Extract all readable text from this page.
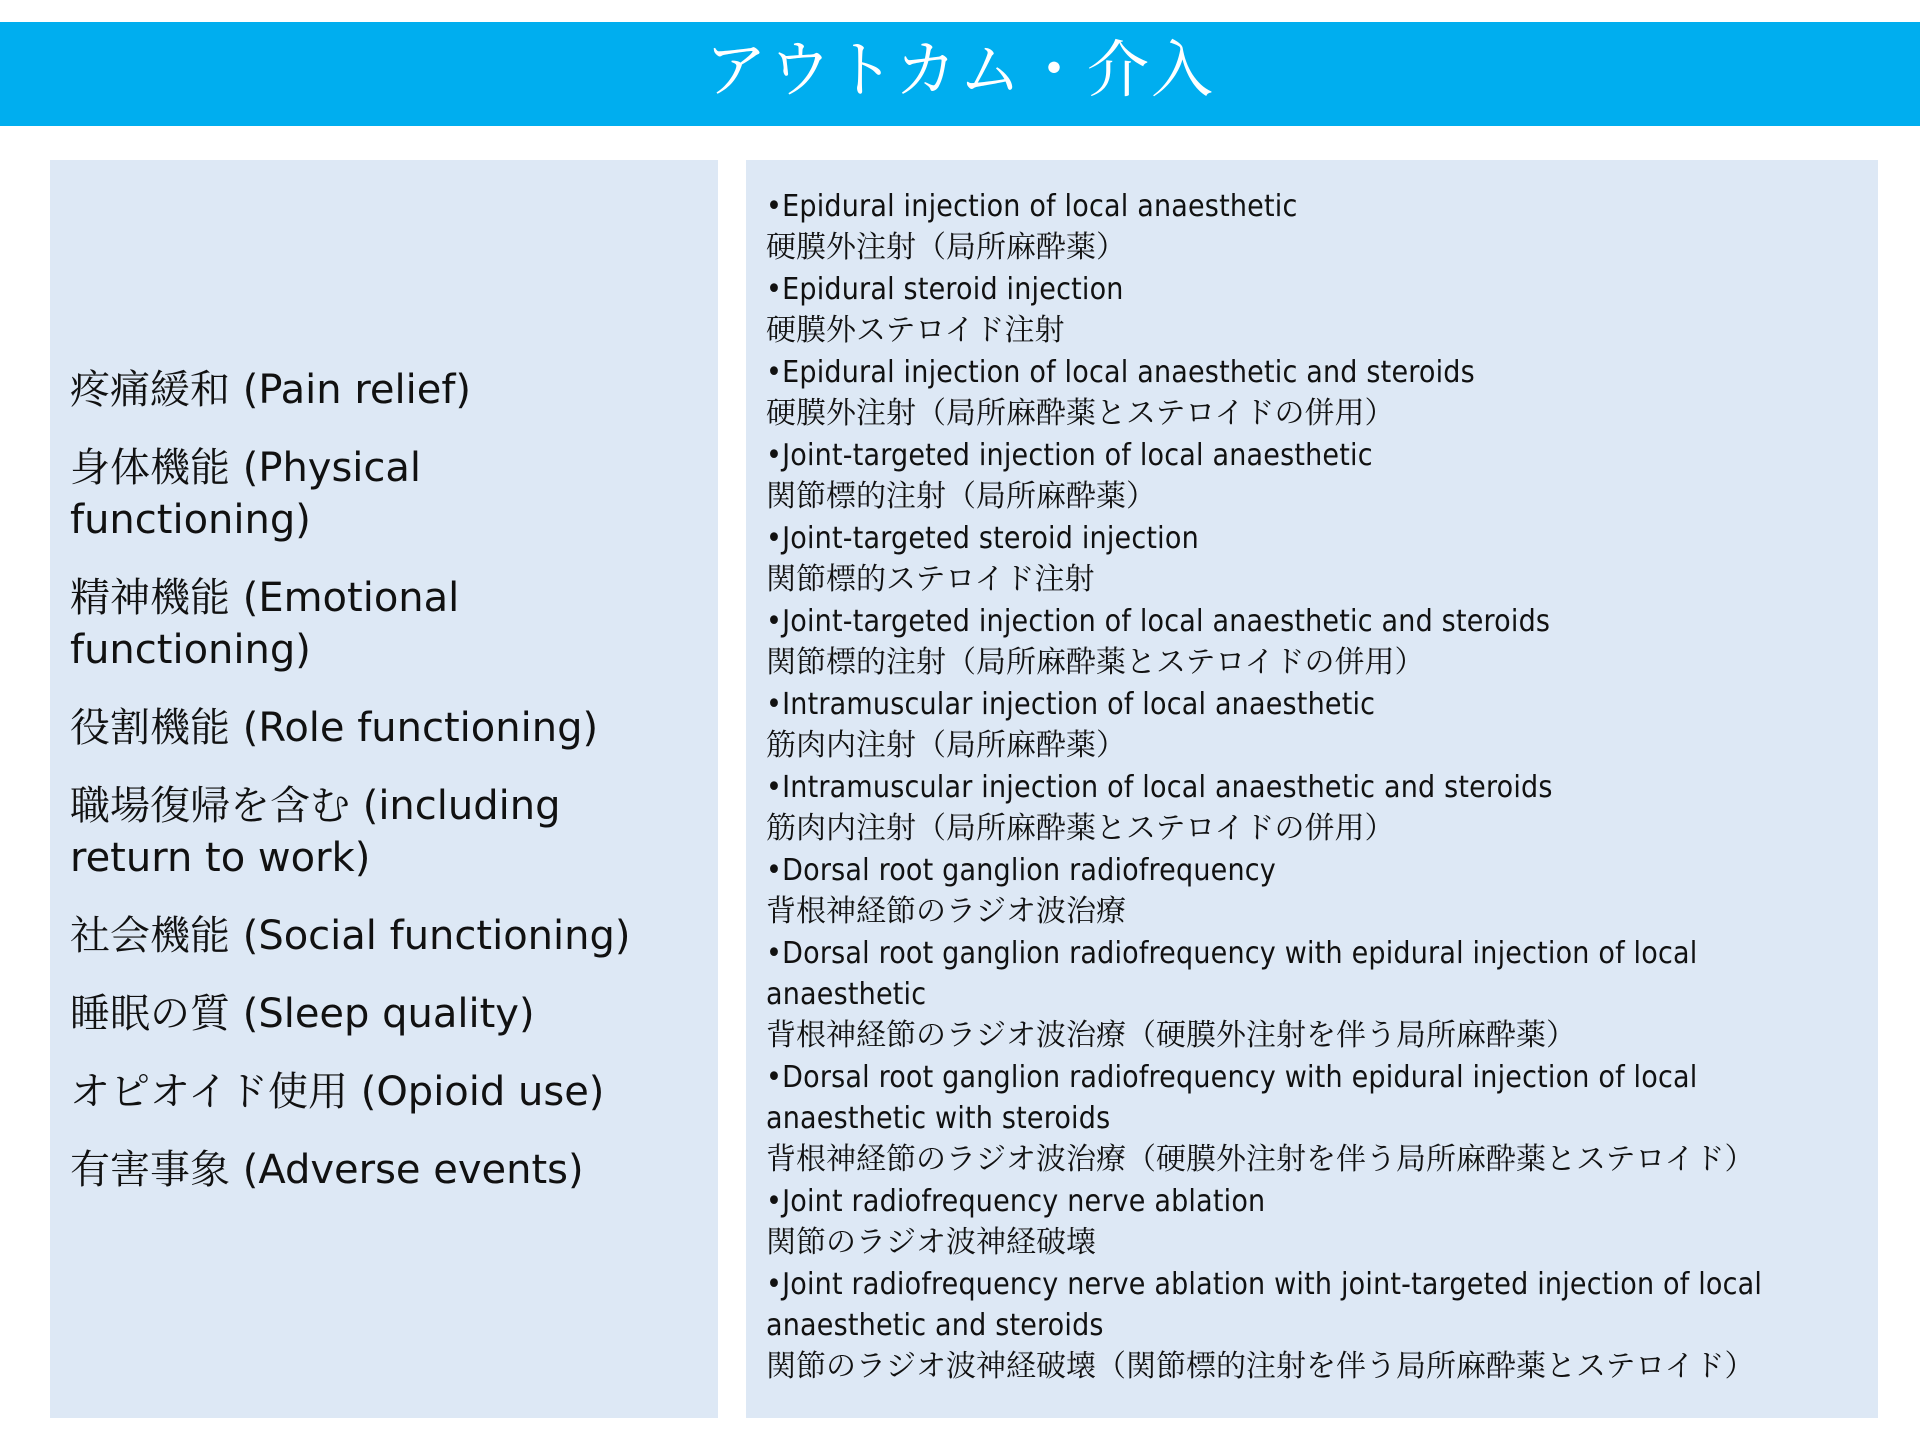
アウトカム・介入
疼痛緩和 (Pain relief)
身体機能 (Physical functioning)
精神機能 (Emotional functioning)
役割機能 (Role functioning)
職場復帰を含む (including return to work)
社会機能 (Social functioning)
睡眠の質 (Sleep quality)
オピオイド使用 (Opioid use)
有害事象 (Adverse events)
•Epidural injection of local anaesthetic
硬膜外注射（局所麻酔薬）
•Epidural steroid injection
硬膜外ステロイド注射
•Epidural injection of local anaesthetic and steroids
硬膜外注射（局所麻酔薬とステロイドの併用）
•Joint-targeted injection of local anaesthetic
関節標的注射（局所麻酔薬）
•Joint-targeted steroid injection
関節標的ステロイド注射
•Joint-targeted injection of local anaesthetic and steroids
関節標的注射（局所麻酔薬とステロイドの併用）
•Intramuscular injection of local anaesthetic
筋肉内注射（局所麻酔薬）
•Intramuscular injection of local anaesthetic and steroids
筋肉内注射（局所麻酔薬とステロイドの併用）
•Dorsal root ganglion radiofrequency
背根神経節のラジオ波治療
•Dorsal root ganglion radiofrequency with epidural injection of local anaesthetic
背根神経節のラジオ波治療（硬膜外注射を伴う局所麻酔薬）
•Dorsal root ganglion radiofrequency with epidural injection of local anaesthetic with steroids
背根神経節のラジオ波治療（硬膜外注射を伴う局所麻酔薬とステロイド）
•Joint radiofrequency nerve ablation
関節のラジオ波神経破壊
•Joint radiofrequency nerve ablation with joint-targeted injection of local anaesthetic and steroids
関節のラジオ波神経破壊（関節標的注射を伴う局所麻酔薬とステロイド）
